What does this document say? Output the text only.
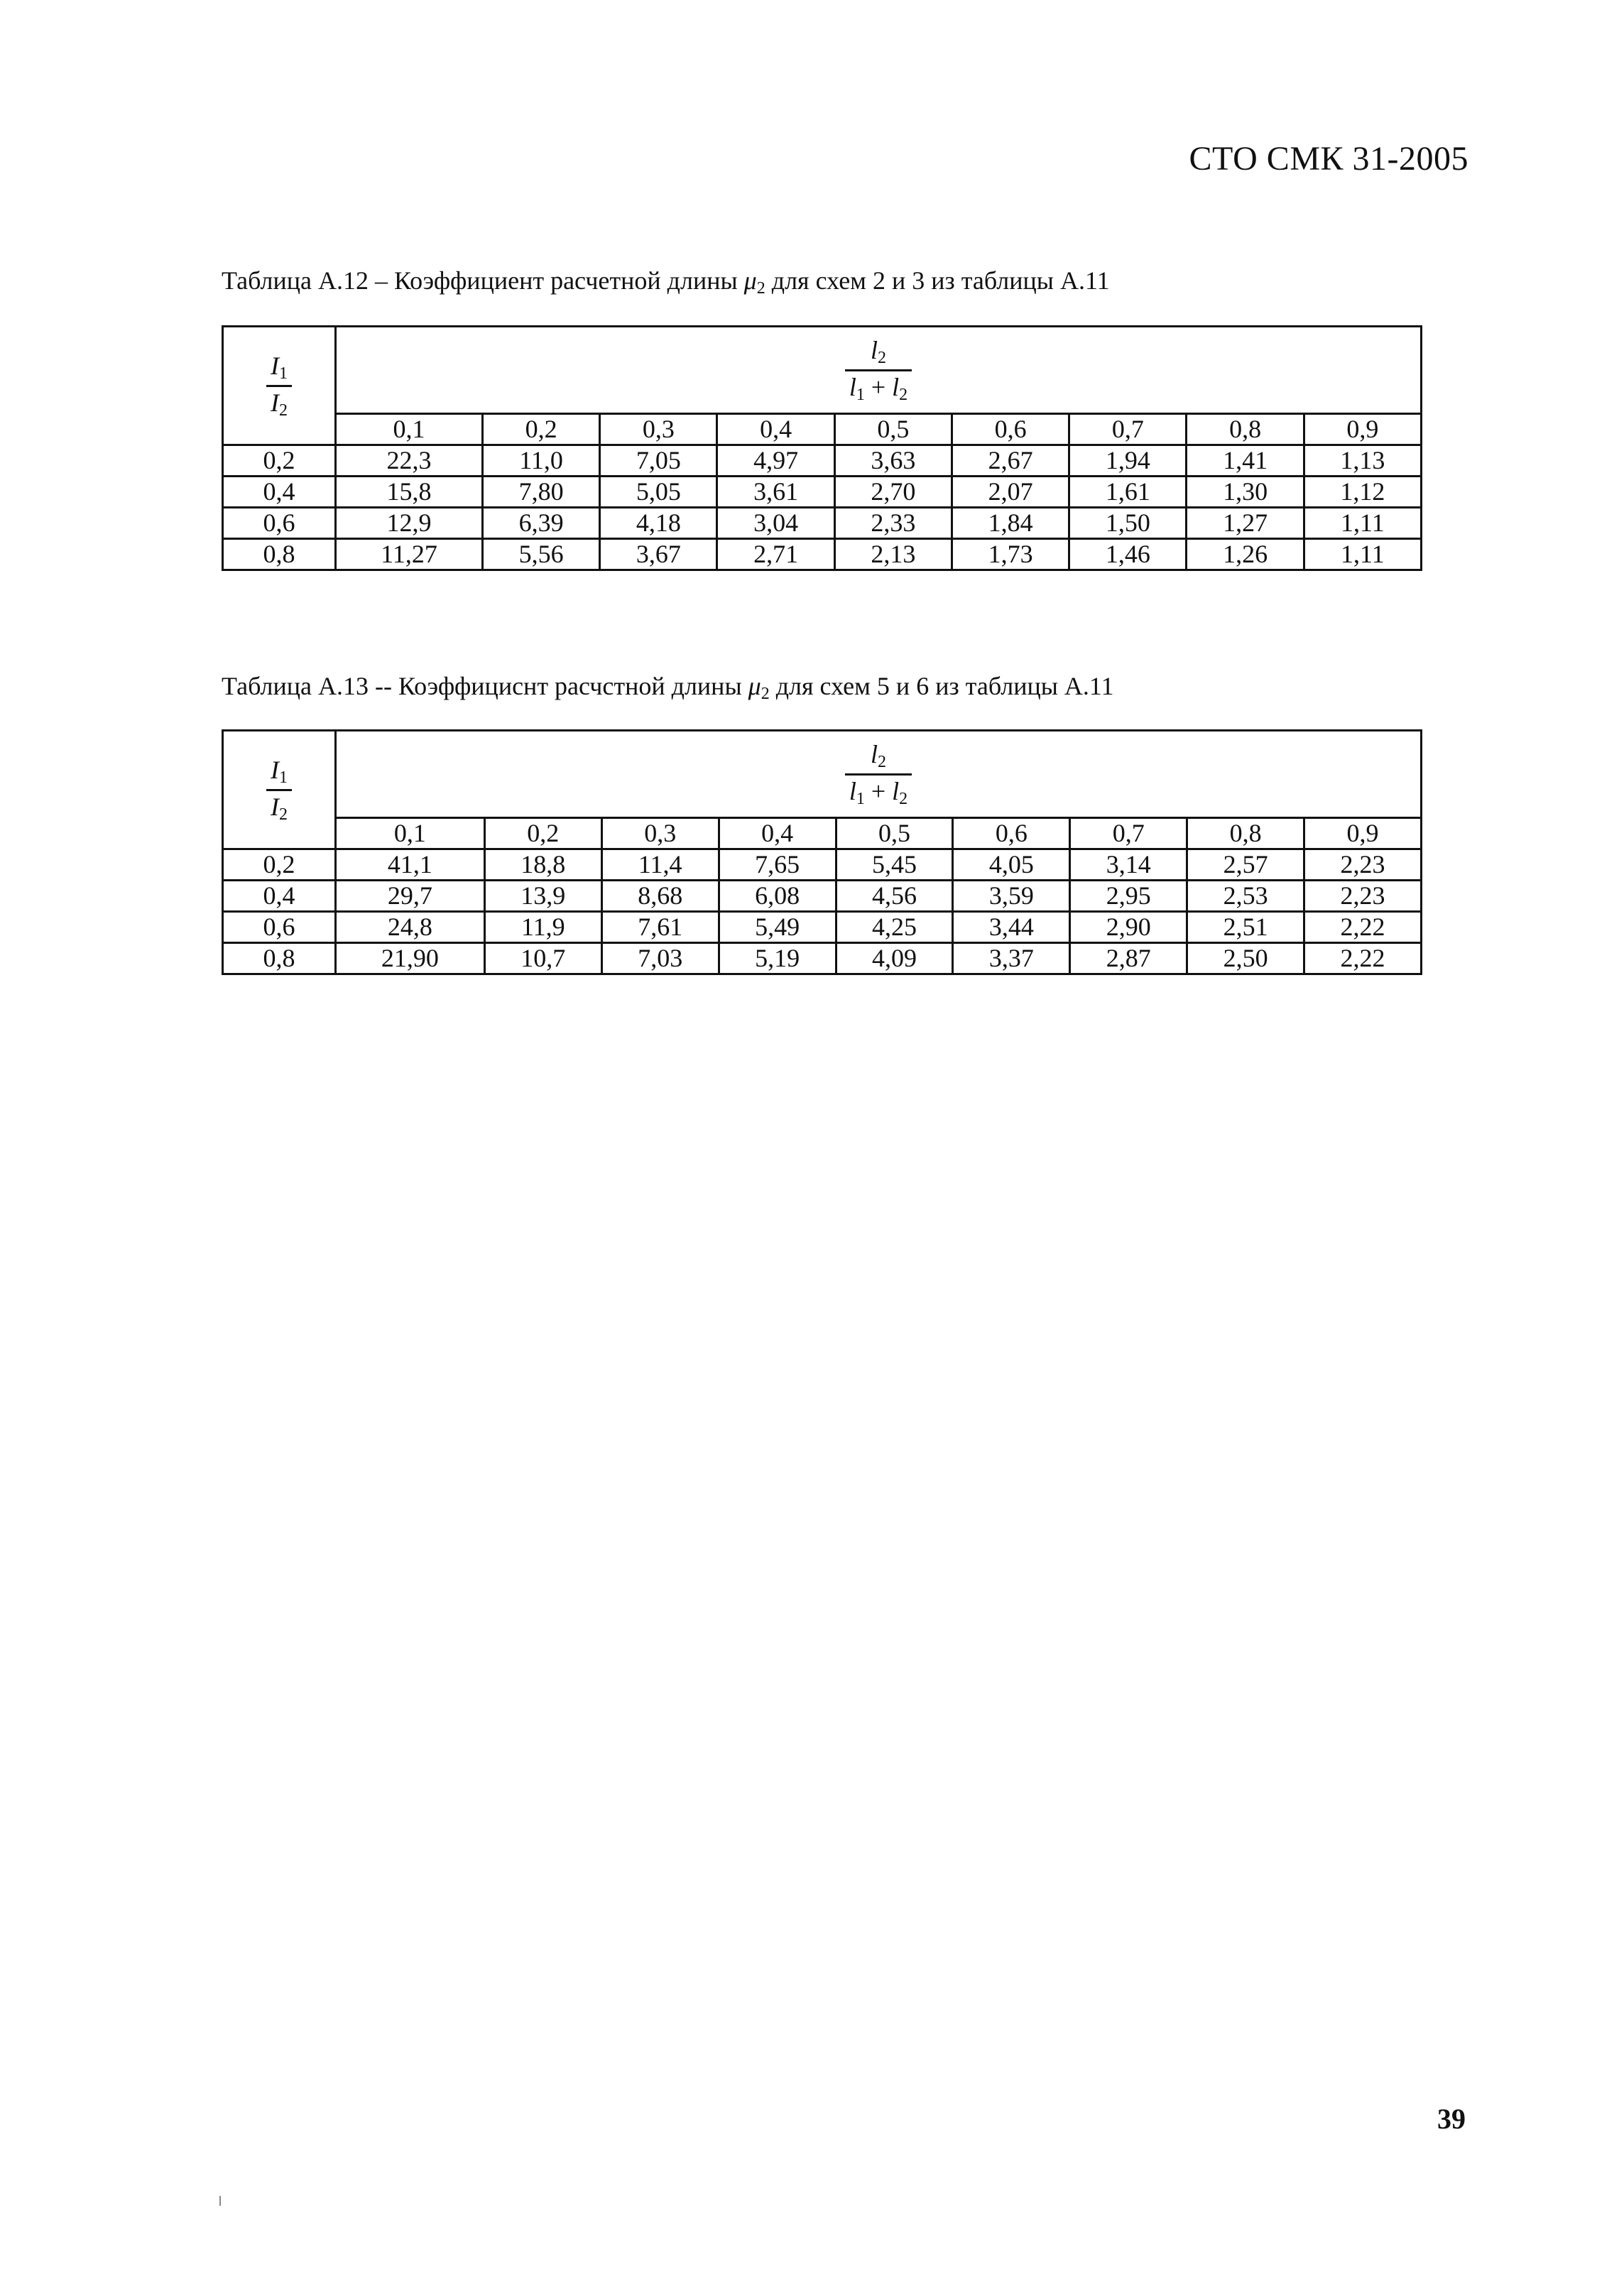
СТО СМК 31-2005
Таблица А.12 – Коэффициент расчетной длины $\mu_2$ для схем 2 и 3 из таблицы А.11
$\frac{I_1}{I_2}$	$\frac{l_2}{l_1 + l_2}$

	0,1	0,2	0,3	0,4	0,5	0,6	0,7	0,8	0,9
0,2	22,3	11,0	7,05	4,97	3,63	2,67	1,94	1,41	1,13
0,4	15,8	7,80	5,05	3,61	2,70	2,07	1,61	1,30	1,12
0,6	12,9	6,39	4,18	3,04	2,33	1,84	1,50	1,27	1,11
0,8	11,27	5,56	3,67	2,71	2,13	1,73	1,46	1,26	1,11
Таблица А.13 -- Коэффициснт расчстной длины $\mu_2$ для схем 5 и 6 из таблицы А.11
$\frac{I_1}{I_2}$	$\frac{l_2}{l_1 + l_2}$

	0,1	0,2	0,3	0,4	0,5	0,6	0,7	0,8	0,9
0,2	41,1	18,8	11,4	7,65	5,45	4,05	3,14	2,57	2,23
0,4	29,7	13,9	8,68	6,08	4,56	3,59	2,95	2,53	2,23
0,6	24,8	11,9	7,61	5,49	4,25	3,44	2,90	2,51	2,22
0,8	21,90	10,7	7,03	5,19	4,09	3,37	2,87	2,50	2,22
39
